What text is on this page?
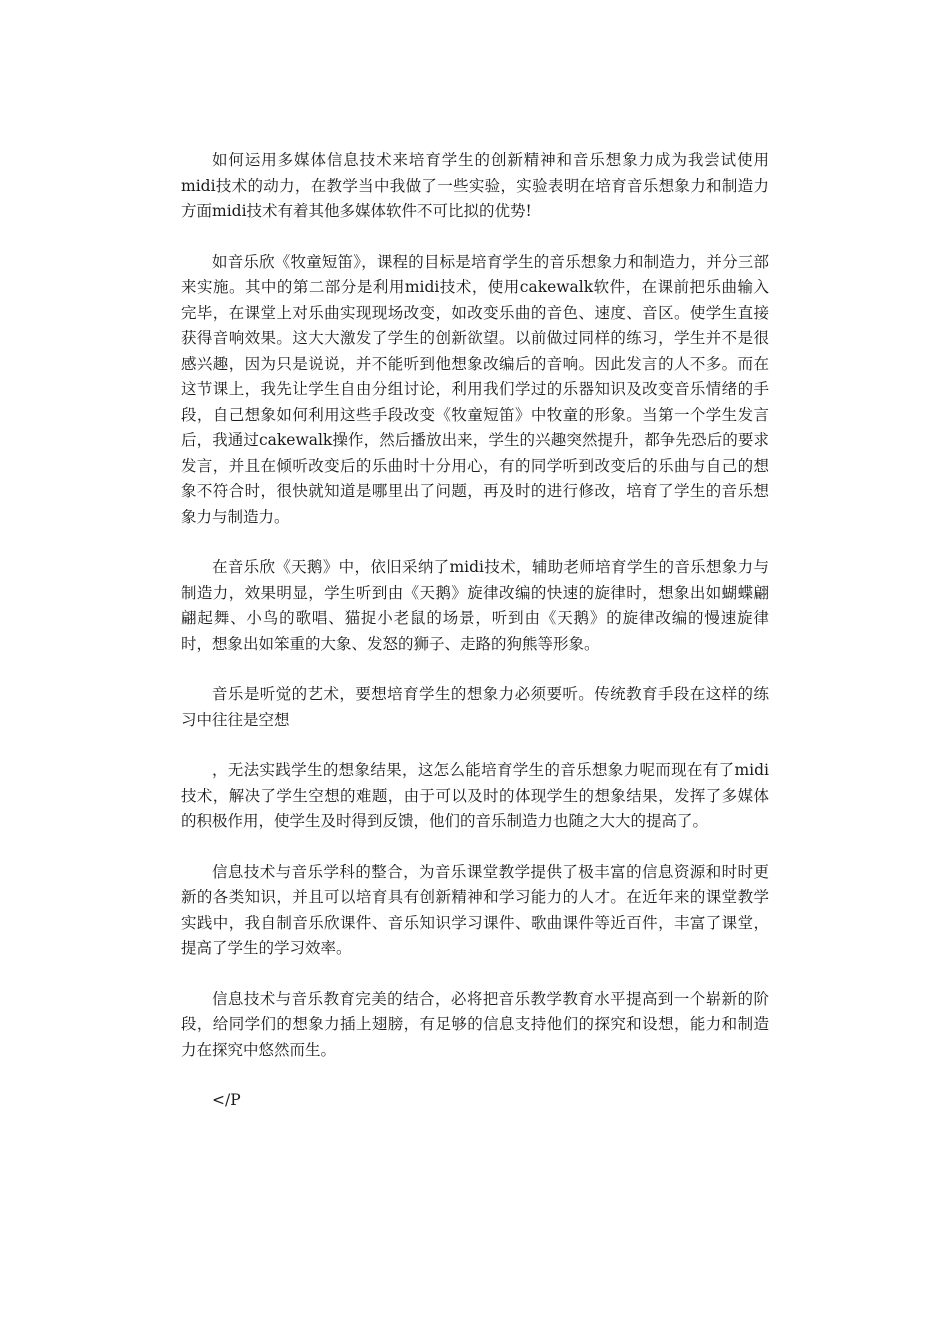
如何运用多媒体信息技术来培育学生的创新精神和音乐想象力成为我尝试使用midi技术的动力，在教学当中我做了一些实验，实验表明在培育音乐想象力和制造力方面midi技术有着其他多媒体软件不可比拟的优势!

如音乐欣《牧童短笛》，课程的目标是培育学生的音乐想象力和制造力，并分三部来实施。其中的第二部分是利用midi技术，使用cakewalk软件，在课前把乐曲输入完毕，在课堂上对乐曲实现现场改变，如改变乐曲的音色、速度、音区。使学生直接获得音响效果。这大大激发了学生的创新欲望。以前做过同样的练习，学生并不是很感兴趣，因为只是说说，并不能听到他想象改编后的音响。因此发言的人不多。而在这节课上，我先让学生自由分组讨论，利用我们学过的乐器知识及改变音乐情绪的手段，自己想象如何利用这些手段改变《牧童短笛》中牧童的形象。当第一个学生发言后，我通过cakewalk操作，然后播放出来，学生的兴趣突然提升，都争先恐后的要求发言，并且在倾听改变后的乐曲时十分用心，有的同学听到改变后的乐曲与自己的想象不符合时，很快就知道是哪里出了问题，再及时的进行修改，培育了学生的音乐想象力与制造力。

在音乐欣《天鹅》中，依旧采纳了midi技术，辅助老师培育学生的音乐想象力与制造力，效果明显，学生听到由《天鹅》旋律改编的快速的旋律时，想象出如蝴蝶翩翩起舞、小鸟的歌唱、猫捉小老鼠的场景，听到由《天鹅》的旋律改编的慢速旋律时，想象出如笨重的大象、发怒的狮子、走路的狗熊等形象。

音乐是听觉的艺术，要想培育学生的想象力必须要听。传统教育手段在这样的练习中往往是空想

，无法实践学生的想象结果，这怎么能培育学生的音乐想象力呢而现在有了midi技术，解决了学生空想的难题，由于可以及时的体现学生的想象结果，发挥了多媒体的积极作用，使学生及时得到反馈，他们的音乐制造力也随之大大的提高了。

信息技术与音乐学科的整合，为音乐课堂教学提供了极丰富的信息资源和时时更新的各类知识，并且可以培育具有创新精神和学习能力的人才。在近年来的课堂教学实践中，我自制音乐欣课件、音乐知识学习课件、歌曲课件等近百件，丰富了课堂，提高了学生的学习效率。

信息技术与音乐教育完美的结合，必将把音乐教学教育水平提高到一个崭新的阶段，给同学们的想象力插上翅膀，有足够的信息支持他们的探究和设想，能力和制造力在探究中悠然而生。

</P
